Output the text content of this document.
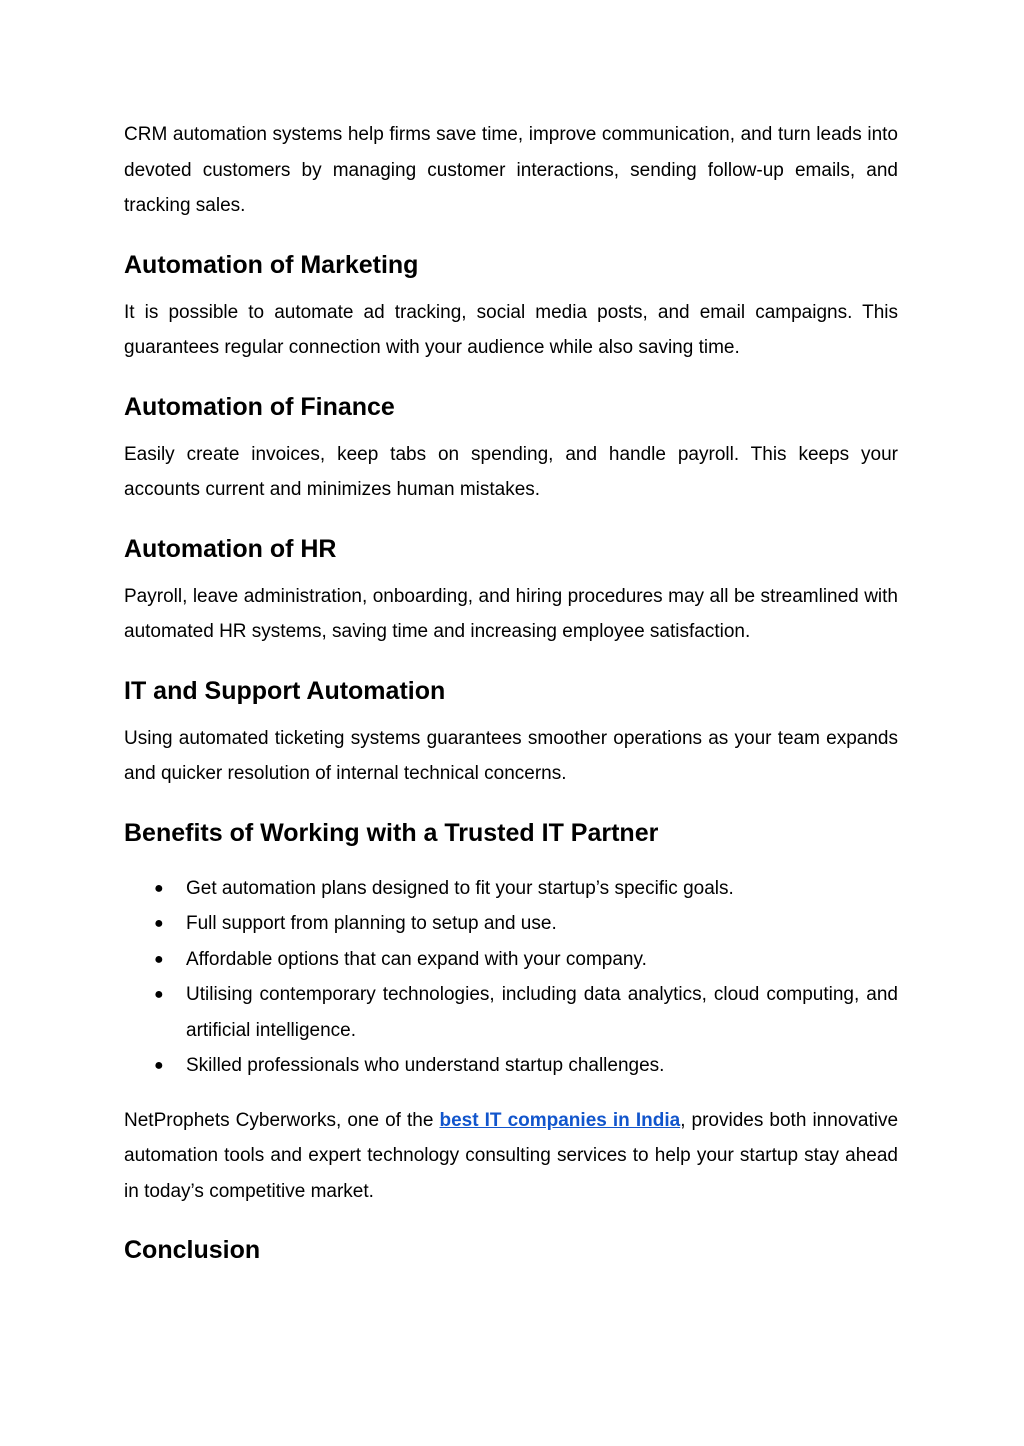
CRM automation systems help firms save time, improve communication, and turn leads into devoted customers by managing customer interactions, sending follow-up emails, and tracking sales.

Automation of Marketing

It is possible to automate ad tracking, social media posts, and email campaigns. This guarantees regular connection with your audience while also saving time.

Automation of Finance

Easily create invoices, keep tabs on spending, and handle payroll. This keeps your accounts current and minimizes human mistakes.

Automation of HR

Payroll, leave administration, onboarding, and hiring procedures may all be streamlined with automated HR systems, saving time and increasing employee satisfaction.

IT and Support Automation

Using automated ticketing systems guarantees smoother operations as your team expands and quicker resolution of internal technical concerns.

Benefits of Working with a Trusted IT Partner
● Get automation plans designed to fit your startup’s specific goals.
● Full support from planning to setup and use.
● Affordable options that can expand with your company.
● Utilising contemporary technologies, including data analytics, cloud computing, and artificial intelligence.
● Skilled professionals who understand startup challenges.

NetProphets Cyberworks, one of the best IT companies in India, provides both innovative automation tools and expert technology consulting services to help your startup stay ahead in today’s competitive market.

Conclusion
